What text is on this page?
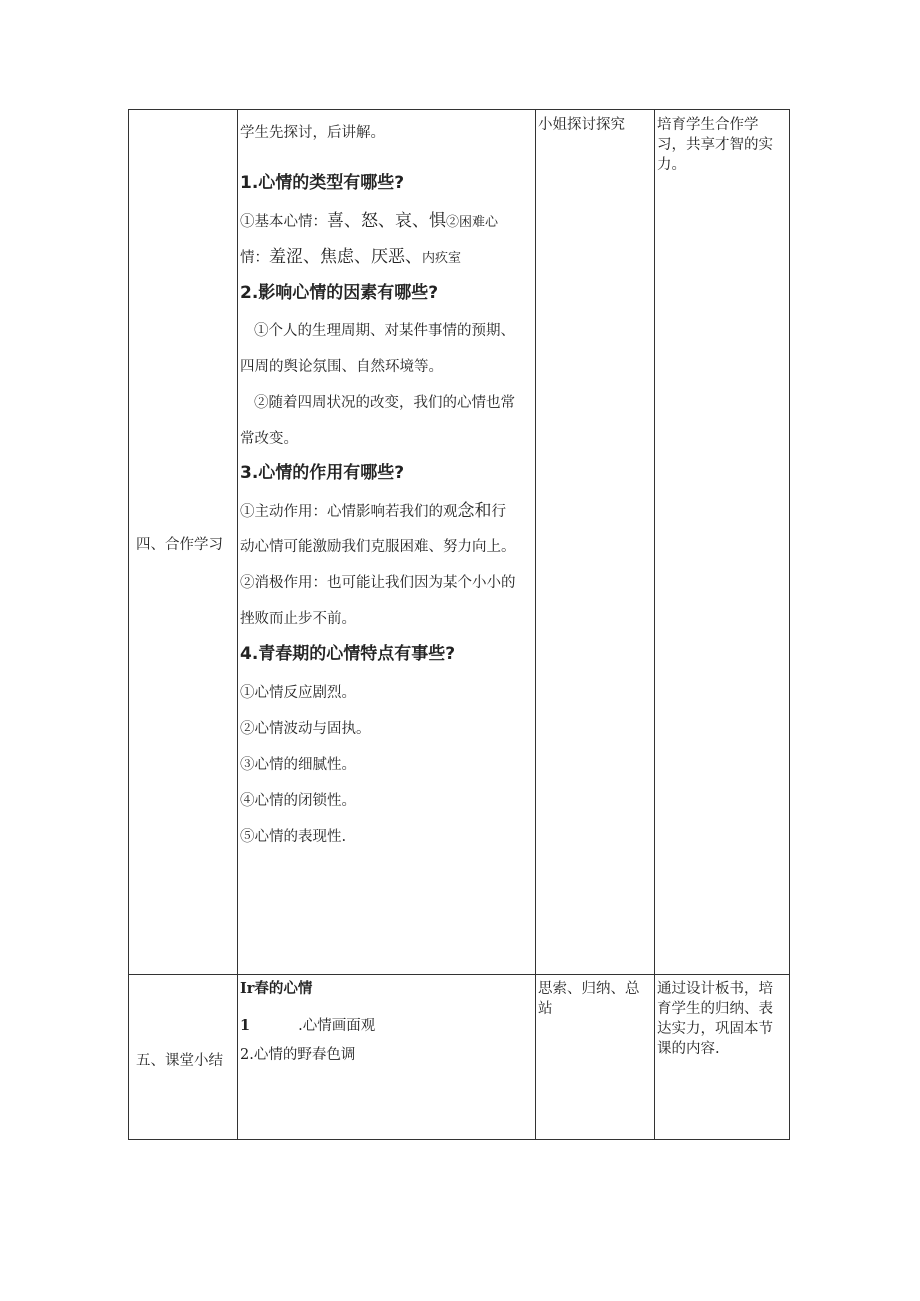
四、合作学习
学生先探讨，后讲解。
1.心情的类型有哪些?
①基本心情：喜、怒、哀、惧②困难心
情：羞涩、焦虑、厌恶、内疚室
2.影响心情的因素有哪些?
①个人的生理周期、对某件事情的预期、
四周的舆论氛围、自然环境等。
②随着四周状况的改变，我们的心情也常
常改变。
3.心情的作用有哪些?
①主动作用：心情影响若我们的观念和行
动心情可能激励我们克服困难、努力向上。
②消极作用：也可能让我们因为某个小小的
挫败而止步不前。
4.青春期的心情特点有事些?
①心情反应剧烈。
②心情波动与固执。
③心情的细腻性。
④心情的闭锁性。
⑤心情的表现性.
小姐探讨探究	培育学生合作学
习，共享才智的实
力。
五、课堂小结
Ir春的心情
1	.心情画面观
2.心情的野春色调
思索、归纳、总
站
通过设计板书，培
育学生的归纳、表
达实力，巩固本节
课的内容.
